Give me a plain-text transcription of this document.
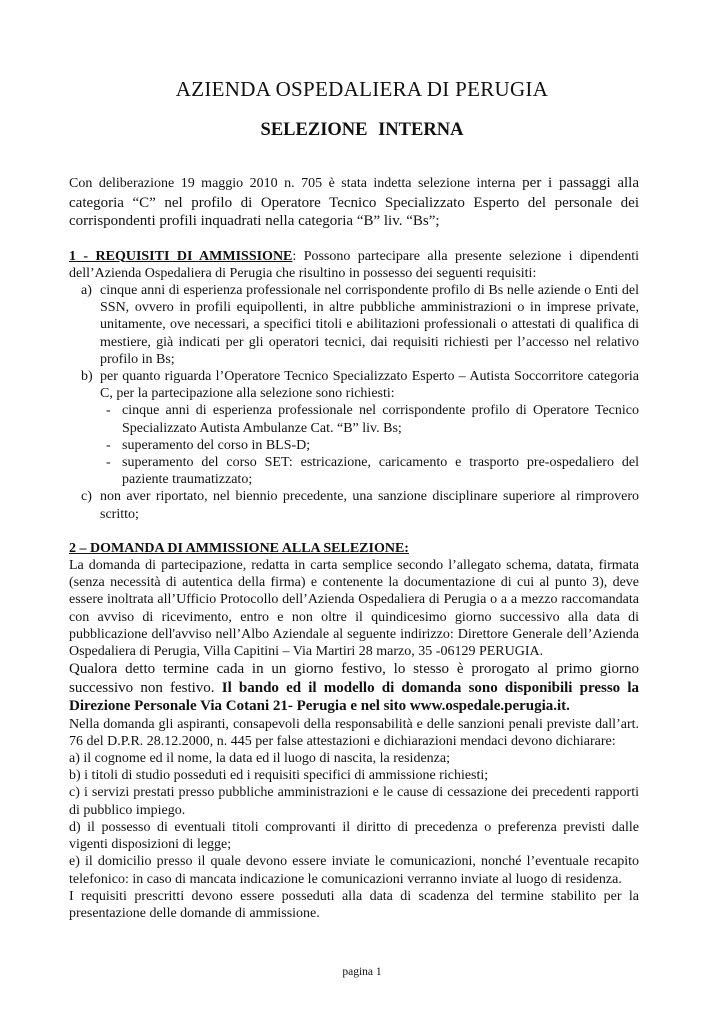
AZIENDA OSPEDALIERA DI PERUGIA
SELEZIONE INTERNA

Con deliberazione 19 maggio 2010 n. 705 è stata indetta selezione interna per i passaggi alla categoria “C” nel profilo di Operatore Tecnico Specializzato Esperto del personale dei corrispondenti profili inquadrati nella categoria “B” liv. “Bs”;

1 - REQUISITI DI AMMISSIONE: Possono partecipare alla presente selezione i dipendenti dell’Azienda Ospedaliera di Perugia che risultino in possesso dei seguenti requisiti:

a) cinque anni di esperienza professionale nel corrispondente profilo di Bs nelle aziende o Enti del SSN, ovvero in profili equipollenti, in altre pubbliche amministrazioni o in imprese private, unitamente, ove necessari, a specifici titoli e abilitazioni professionali o attestati di qualifica di mestiere, già indicati per gli operatori tecnici, dai requisiti richiesti per l’accesso nel relativo profilo in Bs;
b) per quanto riguarda l’Operatore Tecnico Specializzato Esperto – Autista Soccorritore categoria C, per la partecipazione alla selezione sono richiesti:
- cinque anni di esperienza professionale nel corrispondente profilo di Operatore Tecnico Specializzato Autista Ambulanze Cat. “B” liv. Bs;
- superamento del corso in BLS-D;
- superamento del corso SET: estricazione, caricamento e trasporto pre-ospedaliero del paziente traumatizzato;
c) non aver riportato, nel biennio precedente, una sanzione disciplinare superiore al rimprovero scritto;

2 – DOMANDA DI AMMISSIONE ALLA SELEZIONE:

La domanda di partecipazione, redatta in carta semplice secondo l’allegato schema, datata, firmata (senza necessità di autentica della firma) e contenente la documentazione di cui al punto 3), deve essere inoltrata all’Ufficio Protocollo dell’Azienda Ospedaliera di Perugia o a a mezzo raccomandata con avviso di ricevimento, entro e non oltre il quindicesimo giorno successivo alla data di pubblicazione dell'avviso nell’Albo Aziendale al seguente indirizzo: Direttore Generale dell’Azienda Ospedaliera di Perugia, Villa Capitini – Via Martiri 28 marzo, 35 -06129 PERUGIA.

Qualora detto termine cada in un giorno festivo, lo stesso è prorogato al primo giorno successivo non festivo. Il bando ed il modello di domanda sono disponibili presso la Direzione Personale Via Cotani 21- Perugia e nel sito www.ospedale.perugia.it.

Nella domanda gli aspiranti, consapevoli della responsabilità e delle sanzioni penali previste dall’art. 76 del D.P.R. 28.12.2000, n. 445 per false attestazioni e dichiarazioni mendaci devono dichiarare:

a) il cognome ed il nome, la data ed il luogo di nascita, la residenza;

b) i titoli di studio posseduti ed i requisiti specifici di ammissione richiesti;

c) i servizi prestati presso pubbliche amministrazioni e le cause di cessazione dei precedenti rapporti di pubblico impiego.

d) il possesso di eventuali titoli comprovanti il diritto di precedenza o preferenza previsti dalle vigenti disposizioni di legge;

e) il domicilio presso il quale devono essere inviate le comunicazioni, nonché l’eventuale recapito telefonico: in caso di mancata indicazione le comunicazioni verranno inviate al luogo di residenza.

I requisiti prescritti devono essere posseduti alla data di scadenza del termine stabilito per la presentazione delle domande di ammissione.

pagina 1
